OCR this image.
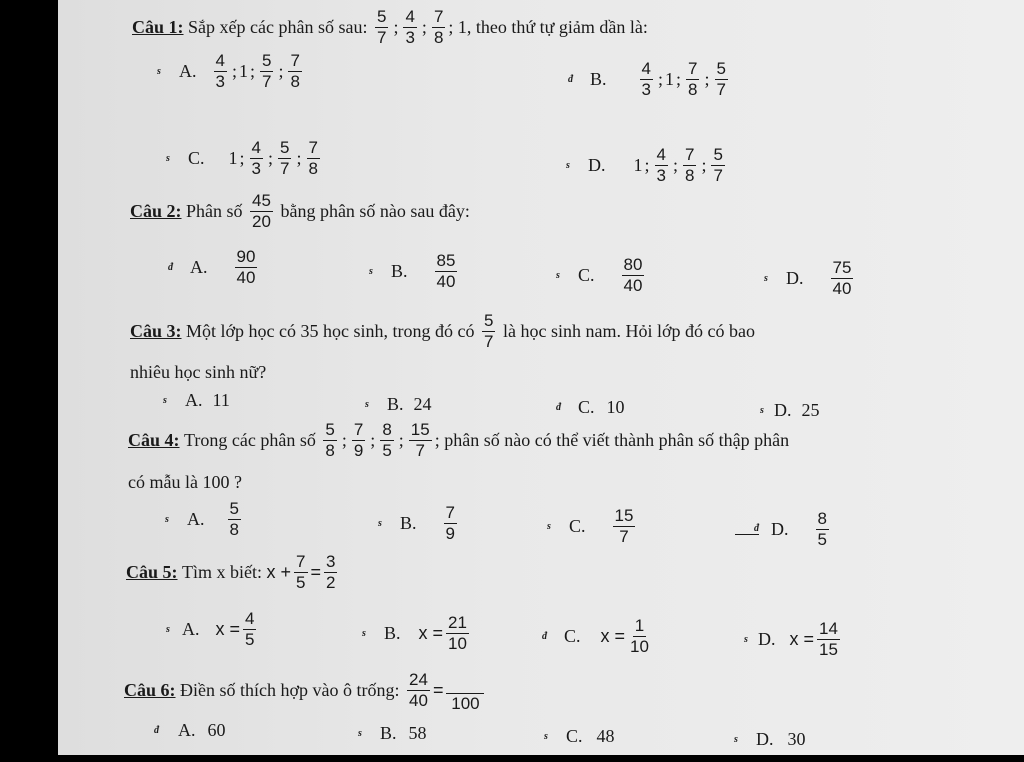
Câu 1:
Sắp xếp các phân số sau:
$\frac{5}{7}$ ; $\frac{4}{3}$ ; $\frac{7}{8}$ ; 1, theo thứ tự giảm dần là:
s	A. $\frac{4}{3}$ ; 1 ; $\frac{5}{7}$ ; $\frac{7}{8}$	đ B. $\frac{4}{3}$ ; 1 ; $\frac{7}{8}$ ; $\frac{5}{7}$
s	C. 1 ; $\frac{4}{3}$ ; $\frac{5}{7}$ ; $\frac{7}{8}$	s	D. 1 ; $\frac{4}{3}$ ; $\frac{7}{8}$ ; $\frac{5}{7}$
Câu 2:
Phân số
$\frac{45}{20}$
bằng phân số nào sau đây:
đ A. $\frac{90}{40}$	s	B. $\frac{85}{40}$	s	C. $\frac{80}{40}$	s	D. $\frac{75}{40}$
Câu 3:
Một lớp học có 35 học sinh, trong đó có
$\frac{5}{7}$
là học sinh nam. Hỏi lớp đó có bao
nhiêu học sinh nữ?
s	A. 11	s	B. 24	đ C. 10	s D. 25
Câu 4:
Trong các phân số
$\frac{5}{8}$ ; $\frac{7}{9}$ ; $\frac{8}{5}$ ; $\frac{15}{7}$ ; phân số nào có thể viết thành phân số thập phân
có mẫu là 100 ?
s	A. $\frac{5}{8}$	s	B. $\frac{7}{9}$	s	C. $\frac{15}{7}$	đ D. $\frac{8}{5}$
Câu 5:
Tìm x biết:
$x + \frac{7}{5} = \frac{3}{2}$
s A. $x = \frac{4}{5}$	s	B. $x = \frac{21}{10}$	đ C. $x = \frac{1}{10}$	s D. $x = \frac{14}{15}$
Câu 6:
Điền số thích hợp vào ô trống:
$\frac{24}{40}$ =
100
đ A. 60	s	B. 58	s	C. 48	s	D. 30
